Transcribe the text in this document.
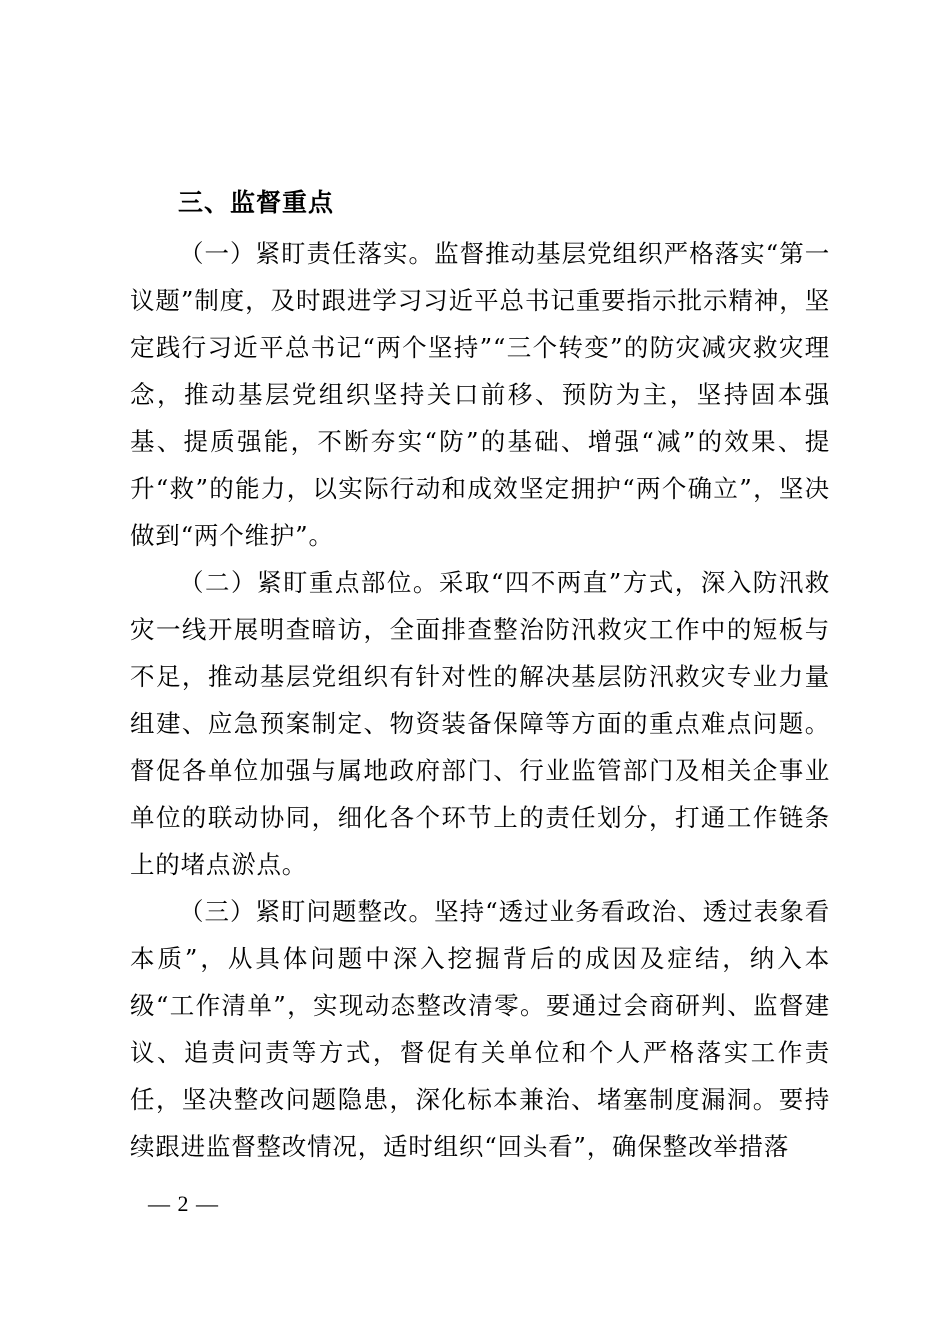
三、监督重点

（一）紧盯责任落实。监督推动基层党组织严格落实“第一议题”制度，及时跟进学习习近平总书记重要指示批示精神，坚定践行习近平总书记“两个坚持”“三个转变”的防灾减灾救灾理念，推动基层党组织坚持关口前移、预防为主，坚持固本强基、提质强能，不断夯实“防”的基础、增强“减”的效果、提升“救”的能力，以实际行动和成效坚定拥护“两个确立”，坚决做到“两个维护”。

（二）紧盯重点部位。采取“四不两直”方式，深入防汛救灾一线开展明查暗访，全面排查整治防汛救灾工作中的短板与不足，推动基层党组织有针对性的解决基层防汛救灾专业力量组建、应急预案制定、物资装备保障等方面的重点难点问题。督促各单位加强与属地政府部门、行业监管部门及相关企事业单位的联动协同，细化各个环节上的责任划分，打通工作链条上的堵点淤点。

（三）紧盯问题整改。坚持“透过业务看政治、透过表象看本质”，从具体问题中深入挖掘背后的成因及症结，纳入本级“工作清单”，实现动态整改清零。要通过会商研判、监督建议、追责问责等方式，督促有关单位和个人严格落实工作责任，坚决整改问题隐患，深化标本兼治、堵塞制度漏洞。要持续跟进监督整改情况，适时组织“回头看”，确保整改举措落

— 2 —
